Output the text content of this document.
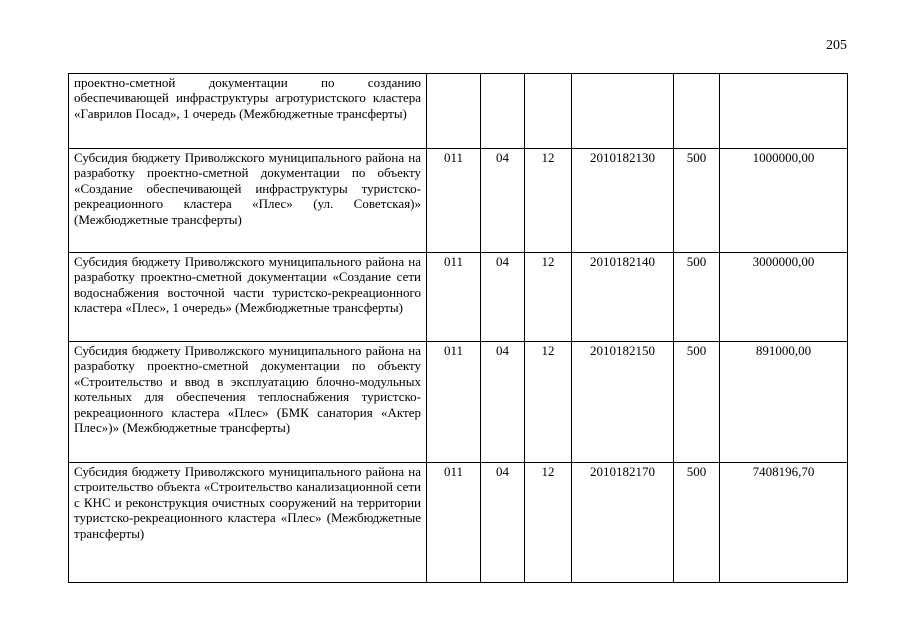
205
проектно-сметной документации по созданию обеспечивающей инфраструктуры агротуристского кластера «Гаврилов Посад», 1 очередь (Межбюджетные трансферты)						
Субсидия бюджету Приволжского муниципального района на разработку проектно-сметной документации по объекту «Создание обеспечивающей инфраструктуры туристско-рекреационного кластера «Плес» (ул. Советская)» (Межбюджетные трансферты)	011	04	12	2010182130	500	1000000,00
Субсидия бюджету Приволжского муниципального района на разработку проектно-сметной документации «Создание сети водоснабжения восточной части туристско-рекреационного кластера «Плес», 1 очередь» (Межбюджетные трансферты)	011	04	12	2010182140	500	3000000,00
Субсидия бюджету Приволжского муниципального района на разработку проектно-сметной документации по объекту «Строительство и ввод в эксплуатацию блочно-модульных котельных для обеспечения теплоснабжения туристско-рекреационного кластера «Плес» (БМК санатория «Актер Плес»)» (Межбюджетные трансферты)	011	04	12	2010182150	500	891000,00
Субсидия бюджету Приволжского муниципального района на строительство объекта «Строительство канализационной сети с КНС и реконструкция очистных сооружений на территории туристско-рекреационного кластера «Плес» (Межбюджетные трансферты)	011	04	12	2010182170	500	7408196,70
